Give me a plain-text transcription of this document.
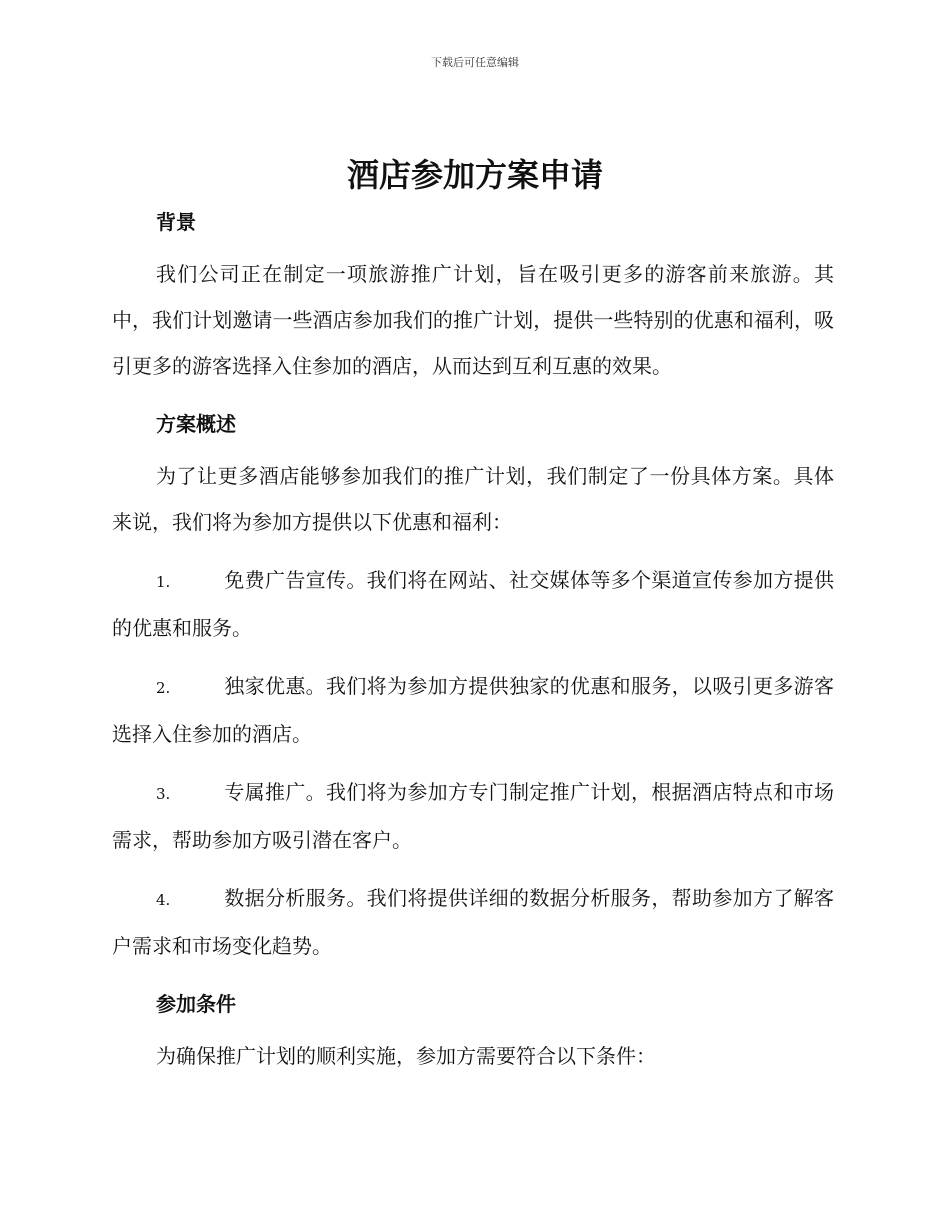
下载后可任意编辑
酒店参加方案申请
背景

我们公司正在制定一项旅游推广计划，旨在吸引更多的游客前来旅游。其中，我们计划邀请一些酒店参加我们的推广计划，提供一些特别的优惠和福利，吸引更多的游客选择入住参加的酒店，从而达到互利互惠的效果。

方案概述

为了让更多酒店能够参加我们的推广计划，我们制定了一份具体方案。具体来说，我们将为参加方提供以下优惠和福利：

1.	免费广告宣传。我们将在网站、社交媒体等多个渠道宣传参加方提供的优惠和服务。

2.	独家优惠。我们将为参加方提供独家的优惠和服务，以吸引更多游客选择入住参加的酒店。

3.	专属推广。我们将为参加方专门制定推广计划，根据酒店特点和市场需求，帮助参加方吸引潜在客户。

4.	数据分析服务。我们将提供详细的数据分析服务，帮助参加方了解客户需求和市场变化趋势。

参加条件

为确保推广计划的顺利实施，参加方需要符合以下条件：
